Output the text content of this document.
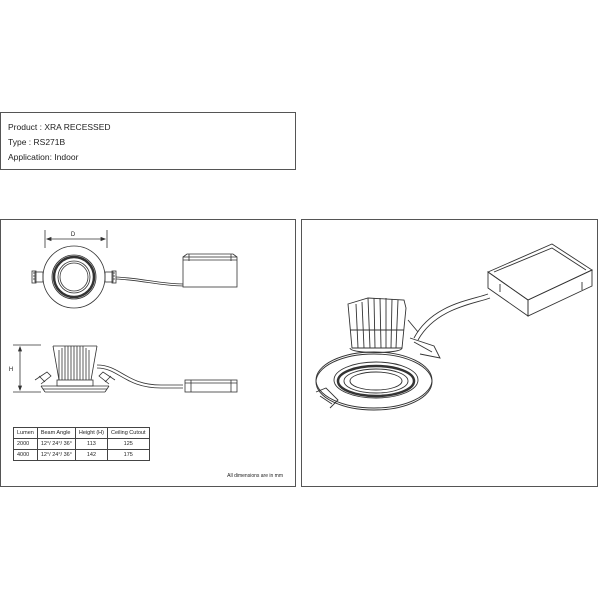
Product : XRA RECESSED
Type : RS271B
Application: Indoor
D
H
Lumen	Beam Angle	Height (H)	Ceiling Cutout
2000	12°/ 24°/ 36°	113	125
4000	12°/ 24°/ 36°	142	175
All dimensions are in mm
